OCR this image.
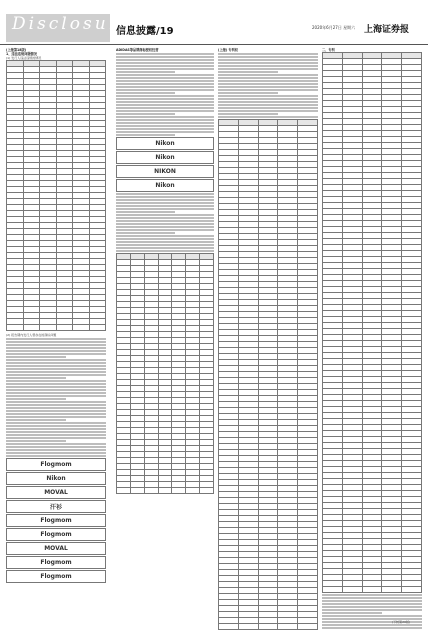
Disclosure
信息披露/19	2020年6月27日 星期六 上海证券报
(上接第18版)
1、违法违规问题情况
(1) 发行人违法违规的情况

(2) 报告期内发行人曾存在的商标问题
Flogmom
Nikon
MOVAL
汗衫
Flogmom
Flogmom
MOVAL
Flogmom
Flogmom
ADIDAS等品牌商标授权经营
Nikon
Nikon
NIKON
Nikon

(上接) 专利权

					二、专利

(下转第20版)
